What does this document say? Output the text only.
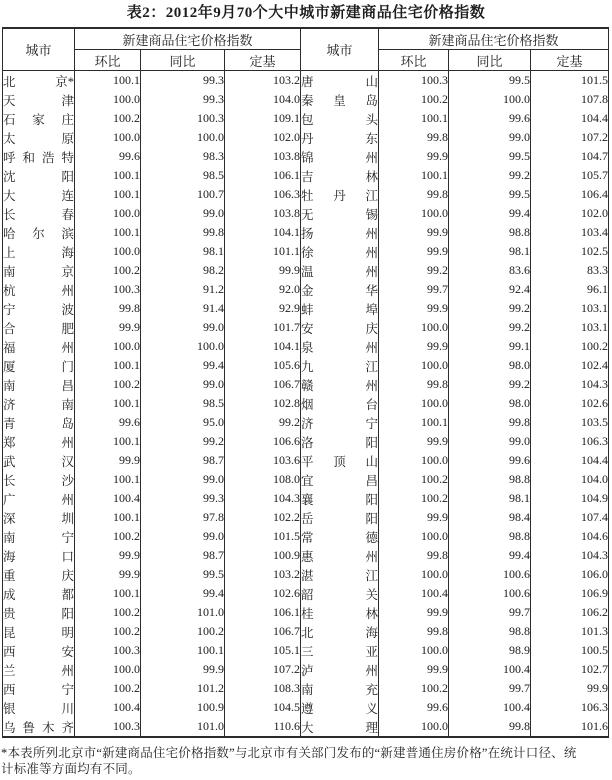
表2：2012年9月70个大中城市新建商品住宅价格指数
城市	新建商品住宅价格指数			城市	新建商品住宅价格指数		
	环比	同比	定基		环比	同比	定基

北 京*	100.1	99.3	103.2	唐 山	100.3	99.5	101.5

天 津	100.0	99.3	104.0	秦 皇 岛	100.2	100.0	107.8

石 家 庄	100.2	100.3	109.1	包 头	100.1	99.6	104.4

太 原	100.0	100.0	102.0	丹 东	99.8	99.0	107.2

呼 和 浩 特	99.6	98.3	103.8	锦 州	99.9	99.5	104.7

沈 阳	100.1	98.5	106.1	吉 林	100.1	99.2	105.7

大 连	100.1	100.7	106.3	牡 丹 江	99.8	99.5	106.4

长 春	100.0	99.0	103.8	无 锡	100.0	99.4	102.0

哈 尔 滨	100.1	99.8	104.1	扬 州	99.9	98.8	103.4

上 海	100.0	98.1	101.1	徐 州	99.9	98.1	102.5

南 京	100.2	98.2	99.9	温 州	99.2	83.6	83.3

杭 州	100.3	91.2	92.0	金 华	99.7	92.4	96.1

宁 波	99.8	91.4	92.9	蚌 埠	99.9	99.2	103.1

合 肥	99.9	99.0	101.7	安 庆	100.0	99.2	103.1

福 州	100.0	100.0	104.1	泉 州	99.9	99.1	100.2

厦 门	100.1	99.4	105.6	九 江	100.0	98.0	102.4

南 昌	100.2	99.0	106.7	赣 州	99.8	99.2	104.3

济 南	100.1	98.5	102.8	烟 台	100.0	98.0	102.6

青 岛	99.6	95.0	99.2	济 宁	100.1	99.8	103.5

郑 州	100.1	99.2	106.6	洛 阳	99.9	99.0	106.3

武 汉	99.9	98.7	103.6	平 顶 山	100.0	99.6	104.4

长 沙	100.1	99.0	108.0	宜 昌	100.2	98.8	104.0

广 州	100.4	99.3	104.3	襄 阳	100.2	98.1	104.9

深 圳	100.1	97.8	102.2	岳 阳	99.9	98.4	107.4

南 宁	100.2	99.0	101.5	常 德	100.0	98.8	104.6

海 口	99.9	98.7	100.9	惠 州	99.8	99.4	104.3

重 庆	99.9	99.5	103.2	湛 江	100.0	100.6	106.0

成 都	100.1	99.4	102.6	韶 关	100.4	100.6	106.9

贵 阳	100.2	101.0	106.1	桂 林	99.9	99.7	106.2

昆 明	100.2	100.2	106.7	北 海	99.8	98.8	101.3

西 安	100.3	100.1	105.1	三 亚	100.0	98.9	100.5

兰 州	100.0	99.9	107.2	泸 州	99.9	100.4	102.7

西 宁	100.2	101.2	108.3	南 充	100.2	99.7	99.9

银 川	100.4	100.9	104.5	遵 义	99.6	100.4	106.3

乌 鲁 木 齐	100.3	101.0	110.6	大 理	100.0	99.8	101.6

*本表所列北京市“新建商品住宅价格指数”与北京市有关部门发布的“新建普通住房价格”在统计口径、统计标准等方面均有不同。
